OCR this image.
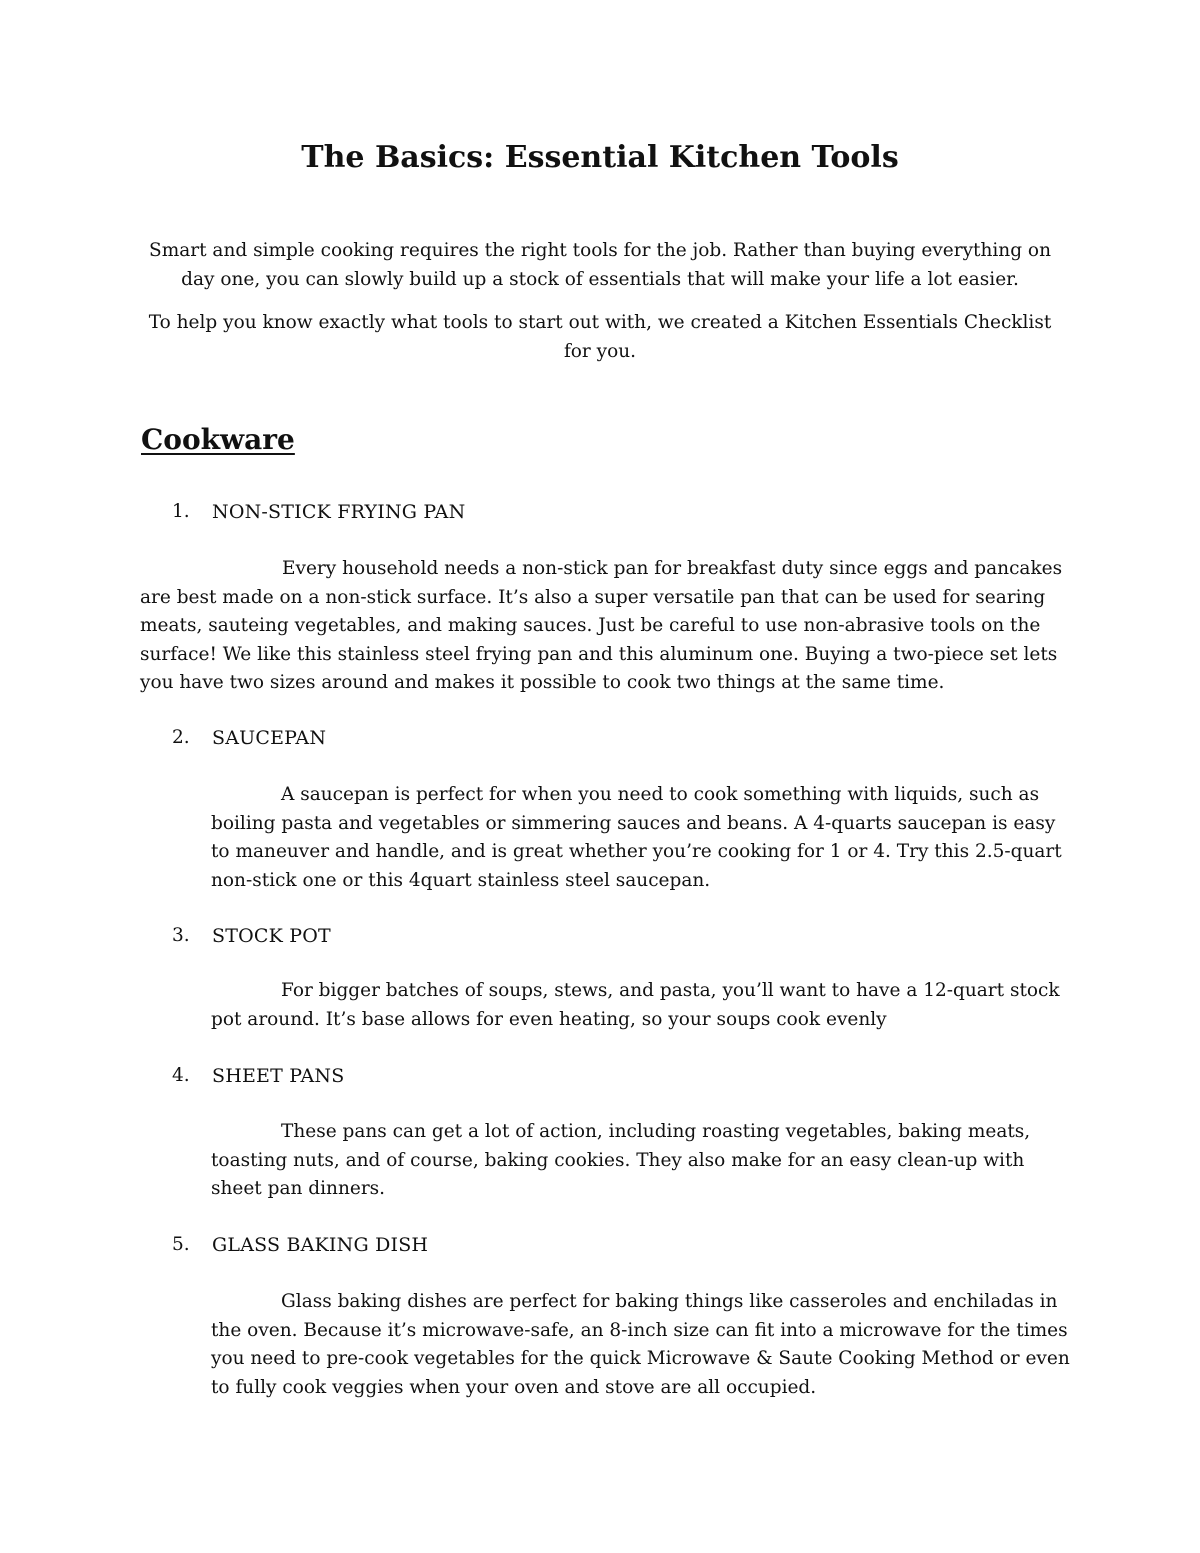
The Basics: Essential Kitchen Tools

Smart and simple cooking requires the right tools for the job. Rather than buying everything on day one, you can slowly build up a stock of essentials that will make your life a lot easier.

To help you know exactly what tools to start out with, we created a Kitchen Essentials Checklist for you.

Cookware
1.	NON-STICK FRYING PAN

Every household needs a non-stick pan for breakfast duty since eggs and pancakes are best made on a non-stick surface. It’s also a super versatile pan that can be used for searing meats, sauteing vegetables, and making sauces. Just be careful to use non-abrasive tools on the surface! We like this stainless steel frying pan and this aluminum one. Buying a two-piece set lets you have two sizes around and makes it possible to cook two things at the same time.

2.	SAUCEPAN

A saucepan is perfect for when you need to cook something with liquids, such as boiling pasta and vegetables or simmering sauces and beans. A 4-quarts saucepan is easy to maneuver and handle, and is great whether you’re cooking for 1 or 4. Try this 2.5-quart non-stick one or this 4quart stainless steel saucepan.

3.	STOCK POT

For bigger batches of soups, stews, and pasta, you’ll want to have a 12-quart stock pot around. It’s base allows for even heating, so your soups cook evenly

4.	SHEET PANS

These pans can get a lot of action, including roasting vegetables, baking meats, toasting nuts, and of course, baking cookies. They also make for an easy clean-up with sheet pan dinners.

5.	GLASS BAKING DISH

Glass baking dishes are perfect for baking things like casseroles and enchiladas in the oven. Because it’s microwave-safe, an 8-inch size can fit into a microwave for the times you need to pre-cook vegetables for the quick Microwave & Saute Cooking Method or even to fully cook veggies when your oven and stove are all occupied.
